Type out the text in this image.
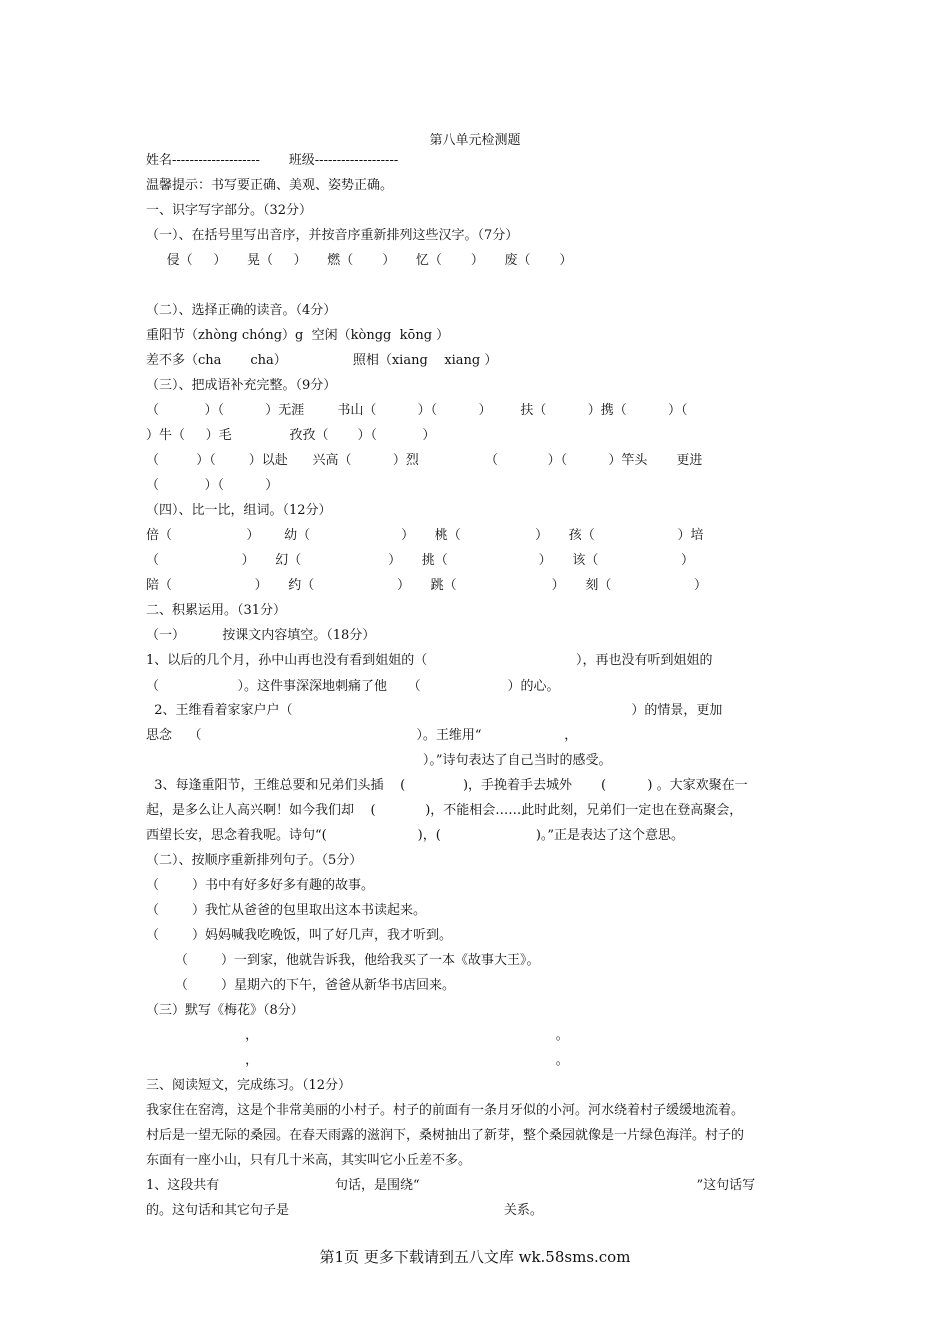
第八单元检测题
姓名--------------------       班级-------------------
温馨提示：书写要正确、美观、姿势正确。
一、识字写字部分。（32分）
（一）、在括号里写出音序，并按音序重新排列这些汉字。（7分）
侵（     ）     晃（     ）     燃（       ）     忆（       ）     废（       ）
（二）、选择正确的读音。（4分）
重阳节（zhòng chóng）g  空闲（kòngg  kōng ）
差不多（cha       cha）                照相（xiang    xiang ）
（三）、把成语补充完整。（9分）
（           ）（          ）无涯        书山（          ）（          ）       扶（          ）携（          ）（
）牛（     ）毛              孜孜（       ）（           ）
（         ）（        ）以赴      兴高（          ）烈                （            ）（          ）竿头       更进
（           ）（          ）
（四）、比一比，组词。（12分）
倍（                  ）      幼（                      ）     桃（                  ）     孩（                    ）培
（                    ）     幻（                     ）     挑（                      ）     该（                    ）
陪（                    ）     约（                    ）     跳（                       ）     刻（                    ）
二、积累运用。（31分）
（一）         按课文内容填空。（18分）
1、以后的几个月，孙中山再也没有看到姐姐的（                                    ），再也没有听到姐姐的
（                   ）。这件事深深地刺痛了他     （                     ）的心。
2、王维看着家家户户（                                                                                  ）的情景，更加
思念    （                                                    ）。王维用“                    ，
）。”诗句表达了自己当时的感受。
3、每逢重阳节，王维总要和兄弟们头插    (              )，手挽着手去城外       (          ) 。大家欢聚在一
起，是多么让人高兴啊！如今我们却    (            )，不能相会……此时此刻，兄弟们一定也在登高聚会，
西望长安，思念着我呢。诗句“(                      )，(                       )。”正是表达了这个意思。
（二）、按顺序重新排列句子。（5分）
（        ）书中有好多好多有趣的故事。
（        ）我忙从爸爸的包里取出这本书读起来。
（        ）妈妈喊我吃晚饭，叫了好几声，我才听到。
（        ）一到家，他就告诉我，他给我买了一本《故事大王》。
（        ）星期六的下午，爸爸从新华书店回来。
（三）默写《梅花》（8分）
，                                                                        。
，                                                                        。
三、阅读短文，完成练习。（12分）
我家住在窑湾，这是个非常美丽的小村子。村子的前面有一条月牙似的小河。河水绕着村子缓缓地流着。
村后是一望无际的桑园。在春天雨露的滋润下，桑树抽出了新芽，整个桑园就像是一片绿色海洋。村子的
东面有一座小山，只有几十米高，其实叫它小丘差不多。
1、这段共有                            句话，是围绕“                                                                   ”这句话写
的。这句话和其它句子是                                                    关系。
第1页 更多下载请到五八文库 wk.58sms.com
